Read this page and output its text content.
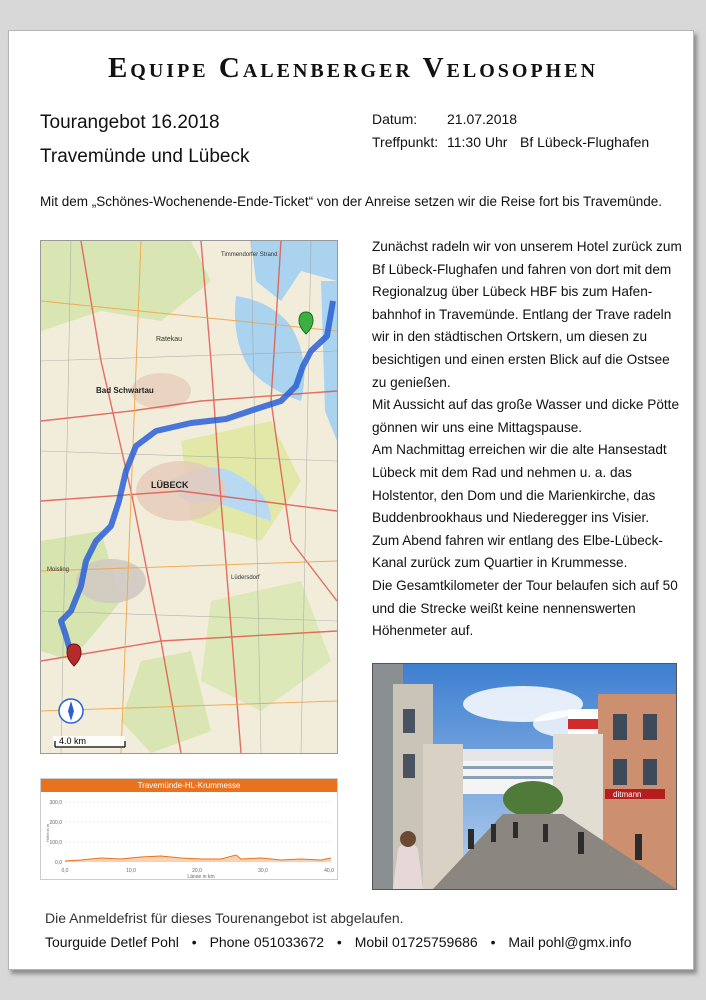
Equipe Calenberger Velosophen
Tourangebot 16.2018
Travemünde und Lübeck
Datum: 21.07.2018
Treffpunkt: 11:30 Uhr Bf Lübeck-Flughafen
Mit dem „Schönes-Wochenende-Ende-Ticket“ von der Anreise setzen wir die Reise fort bis Travemünde.
4.0 km
Timmendorfer Strand
Ratekau
Bad Schwartau
LÜBECK
Lüdersdorf
Moisling

Zunächst radeln wir von unserem Hotel zurück zum Bf Lübeck-Flughafen und fahren von dort mit dem Regionalzug über Lübeck HBF bis zum Hafen-bahnhof in Travemünde. Entlang der Trave radeln wir in den städtischen Ortskern, um diesen zu besichtigen und einen ersten Blick auf die Ostsee zu genießen.

Mit Aussicht auf das große Wasser und dicke Pötte gönnen wir uns eine Mittagspause.

Am Nachmittag erreichen wir die alte Hansestadt Lübeck mit dem Rad und nehmen u. a. das Holstentor, den Dom und die Marienkirche, das Buddenbrookhaus und Niederegger ins Visier.

Zum Abend fahren wir entlang des Elbe-Lübeck-Kanal zurück zum Quartier in Krummesse.

Die Gesamtkilometer der Tour belaufen sich auf 50 und die Strecke weißt keine nennenswerten Höhenmeter auf.

ditmann
Travemünde-HL-Krummesse
300,0
200,0
100,0
0,0
0,0	10,0	20,0	30,0	40,0
Länge in km
Höhe in m
Die Anmeldefrist für dieses Tourenangebot ist abgelaufen.
Tourguide Detlef Pohl • Phone 051033672 • Mobil 01725759686 • Mail pohl@gmx.info
